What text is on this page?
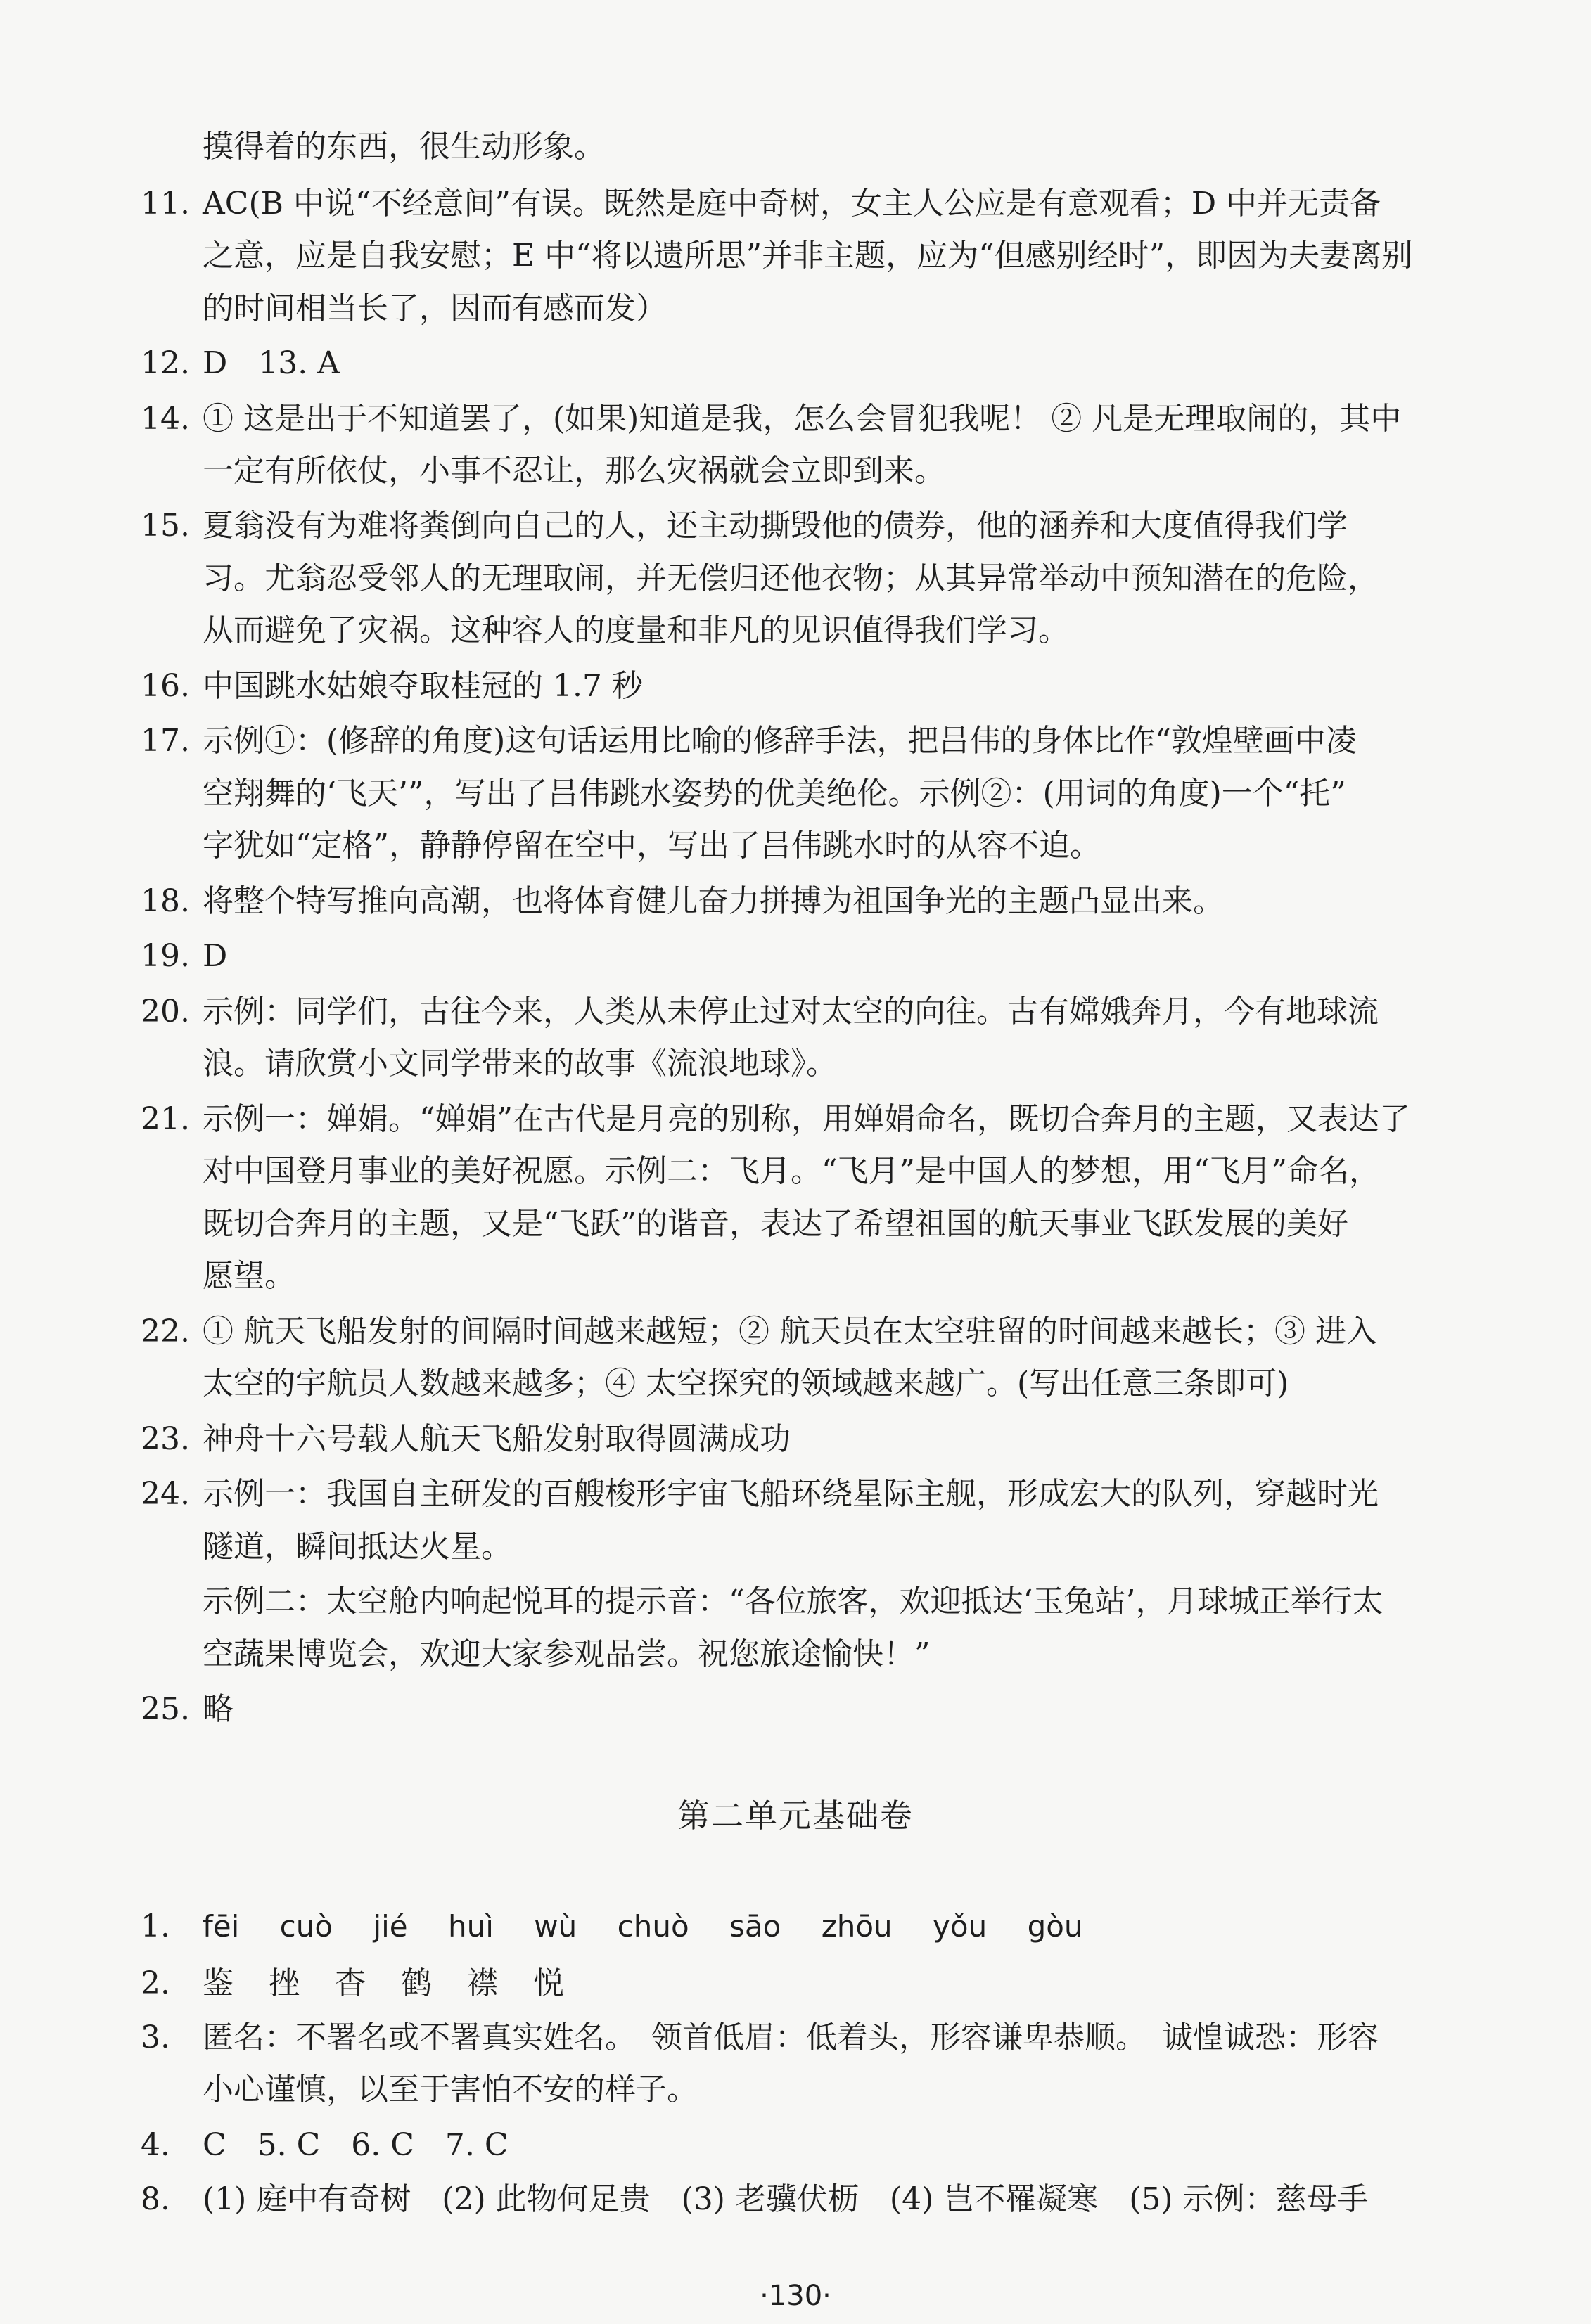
摸得着的东西，很生动形象。
11. AC(B 中说“不经意间”有误。既然是庭中奇树，女主人公应是有意观看；D 中并无责备
之意，应是自我安慰；E 中“将以遗所思”并非主题，应为“但感别经时”，即因为夫妻离别
的时间相当长了，因而有感而发）
12. D　13. A
14. ① 这是出于不知道罢了，(如果)知道是我，怎么会冒犯我呢！ ② 凡是无理取闹的，其中
一定有所依仗，小事不忍让，那么灾祸就会立即到来。
15. 夏翁没有为难将粪倒向自己的人，还主动撕毁他的债券，他的涵养和大度值得我们学
习。尤翁忍受邻人的无理取闹，并无偿归还他衣物；从其异常举动中预知潜在的危险，
从而避免了灾祸。这种容人的度量和非凡的见识值得我们学习。
16. 中国跳水姑娘夺取桂冠的 1.7 秒
17. 示例①：(修辞的角度)这句话运用比喻的修辞手法，把吕伟的身体比作“敦煌壁画中凌
空翔舞的‘飞天’”，写出了吕伟跳水姿势的优美绝伦。示例②：(用词的角度)一个“托”
字犹如“定格”，静静停留在空中，写出了吕伟跳水时的从容不迫。
18. 将整个特写推向高潮，也将体育健儿奋力拼搏为祖国争光的主题凸显出来。
19. D
20. 示例：同学们，古往今来，人类从未停止过对太空的向往。古有嫦娥奔月，今有地球流
浪。请欣赏小文同学带来的故事《流浪地球》。
21. 示例一：婵娟。“婵娟”在古代是月亮的别称，用婵娟命名，既切合奔月的主题，又表达了
对中国登月事业的美好祝愿。示例二：飞月。“飞月”是中国人的梦想，用“飞月”命名，
既切合奔月的主题，又是“飞跃”的谐音，表达了希望祖国的航天事业飞跃发展的美好
愿望。
22. ① 航天飞船发射的间隔时间越来越短；② 航天员在太空驻留的时间越来越长；③ 进入
太空的宇航员人数越来越多；④ 太空探究的领域越来越广。(写出任意三条即可)
23. 神舟十六号载人航天飞船发射取得圆满成功
24. 示例一：我国自主研发的百艘梭形宇宙飞船环绕星际主舰，形成宏大的队列，穿越时光
隧道，瞬间抵达火星。
示例二：太空舱内响起悦耳的提示音：“各位旅客，欢迎抵达‘玉兔站’，月球城正举行太
空蔬果博览会，欢迎大家参观品尝。祝您旅途愉快！”
25. 略
第二单元基础卷
1. fēi cuò jié huì wù chuò sāo zhōu yǒu gòu
2. 鉴 挫 杳 鹤 襟 悦
3. 匿名：不署名或不署真实姓名。　领首低眉：低着头，形容谦卑恭顺。　诚惶诚恐：形容
小心谨慎，以至于害怕不安的样子。
4. C　5. C　6. C　7. C
8. (1) 庭中有奇树　(2) 此物何足贵　(3) 老骥伏枥　(4) 岂不罹凝寒　(5) 示例：慈母手
·130·
